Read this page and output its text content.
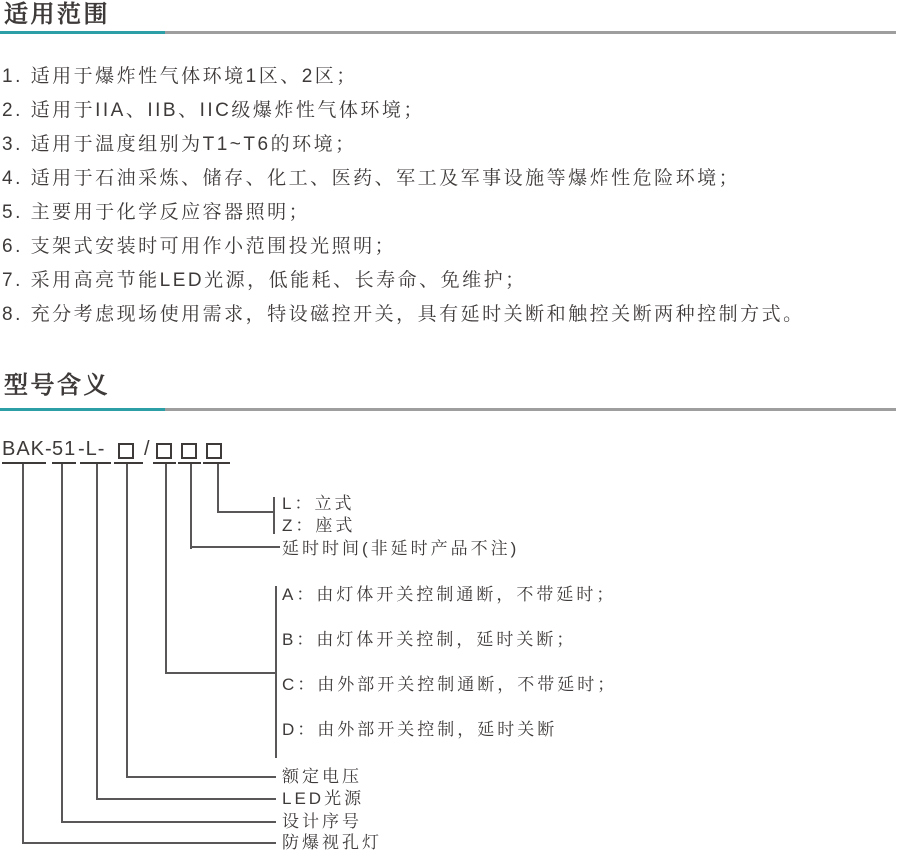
适用范围
1. 适用于爆炸性气体环境1区、2区；
2. 适用于IIA、IIB、IIC级爆炸性气体环境；
3. 适用于温度组别为T1~T6的环境；
4. 适用于石油采炼、储存、化工、医药、军工及军事设施等爆炸性危险环境；
5. 主要用于化学反应容器照明；
6. 支架式安装时可用作小范围投光照明；
7. 采用高亮节能LED光源，低能耗、长寿命、免维护；
8. 充分考虑现场使用需求，特设磁控开关，具有延时关断和触控关断两种控制方式。
型号含义
BAK- 51 -L- /
L：立式
Z：座式
延时时间(非延时产品不注)
A：由灯体开关控制通断，不带延时；
B：由灯体开关控制，延时关断；
C：由外部开关控制通断，不带延时；
D：由外部开关控制，延时关断
额定电压
LED光源
设计序号
防爆视孔灯
